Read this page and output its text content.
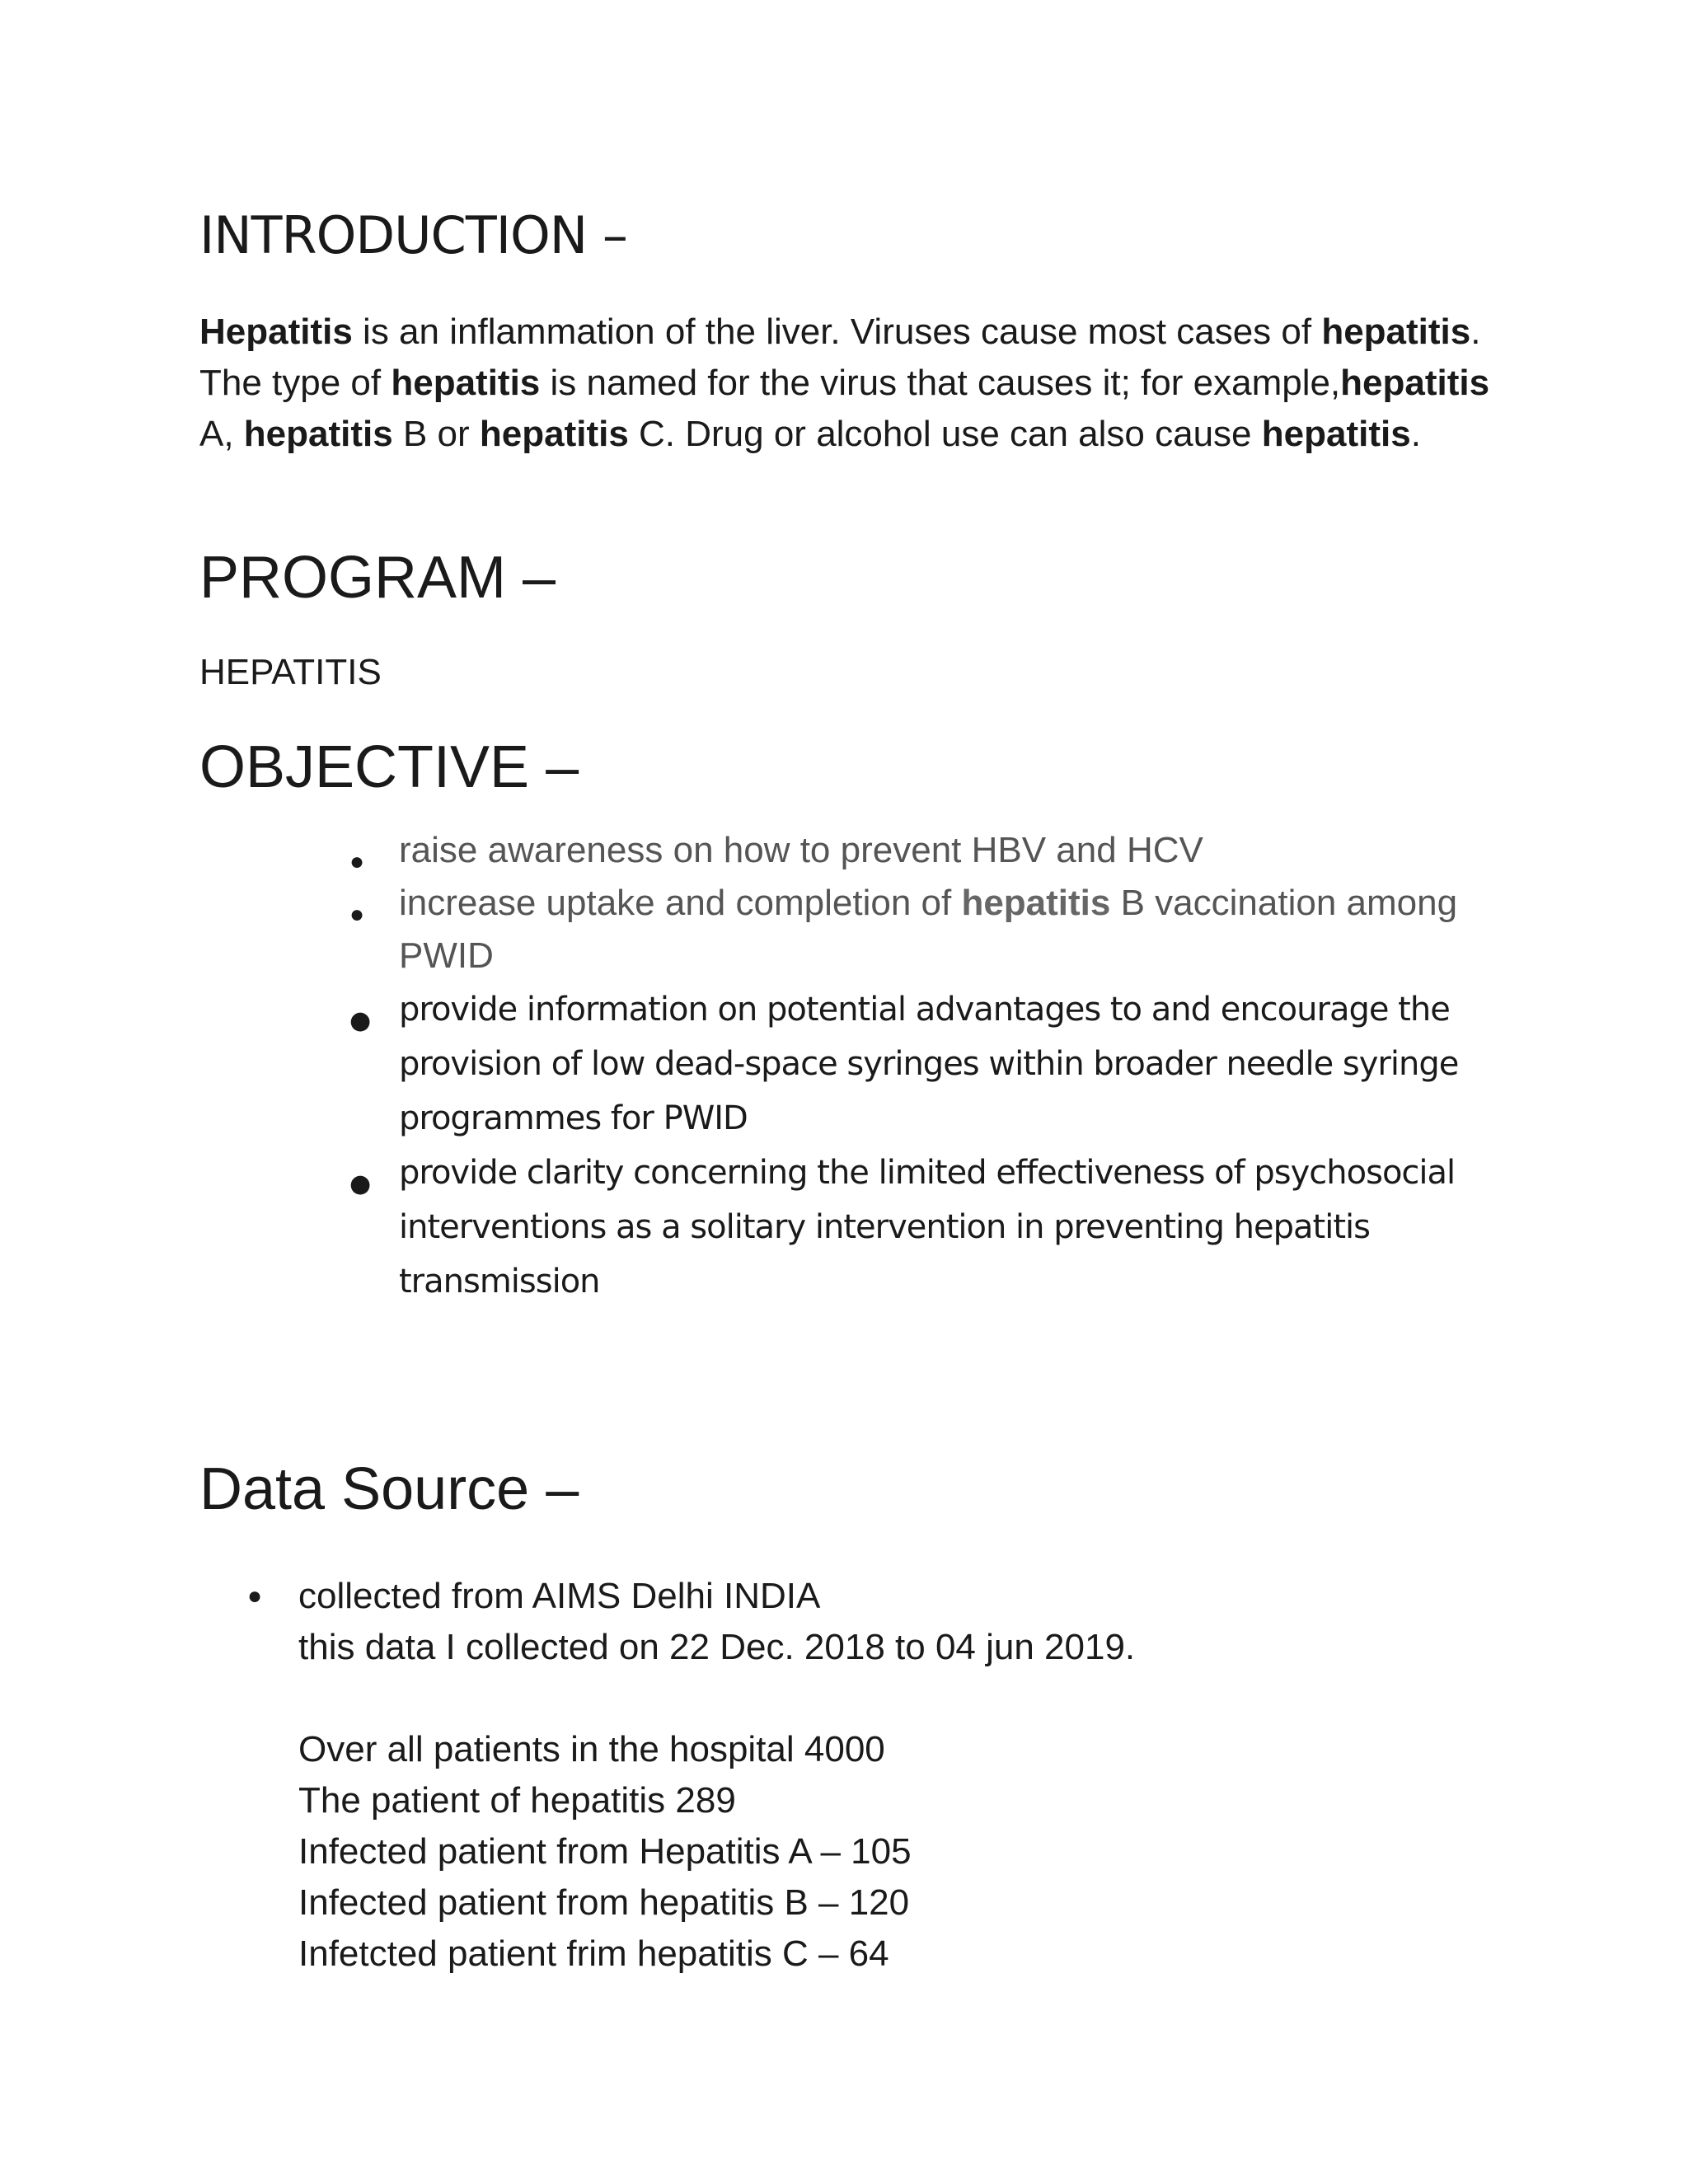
INTRODUCTION –

Hepatitis is an inflammation of the liver. Viruses cause most cases of hepatitis. The type of hepatitis is named for the virus that causes it; for example,hepatitis A, hepatitis B or hepatitis C. Drug or alcohol use can also cause hepatitis.

PROGRAM –

HEPATITIS

OBJECTIVE –
● raise awareness on how to prevent HBV and HCV
● increase uptake and completion of hepatitis B vaccination among PWID
● provide information on potential advantages to and encourage the provision of low dead-space syringes within broader needle syringe programmes for PWID
● provide clarity concerning the limited effectiveness of psychosocial interventions as a solitary intervention in preventing hepatitis transmission
Data Source –
● collected from AIMS Delhi INDIA
this data I collected on 22 Dec. 2018 to 04 jun 2019.
Over all patients in the hospital 4000
The patient of hepatitis 289
Infected patient from Hepatitis A – 105
Infected patient from hepatitis B – 120
Infetcted patient frim hepatitis C – 64
